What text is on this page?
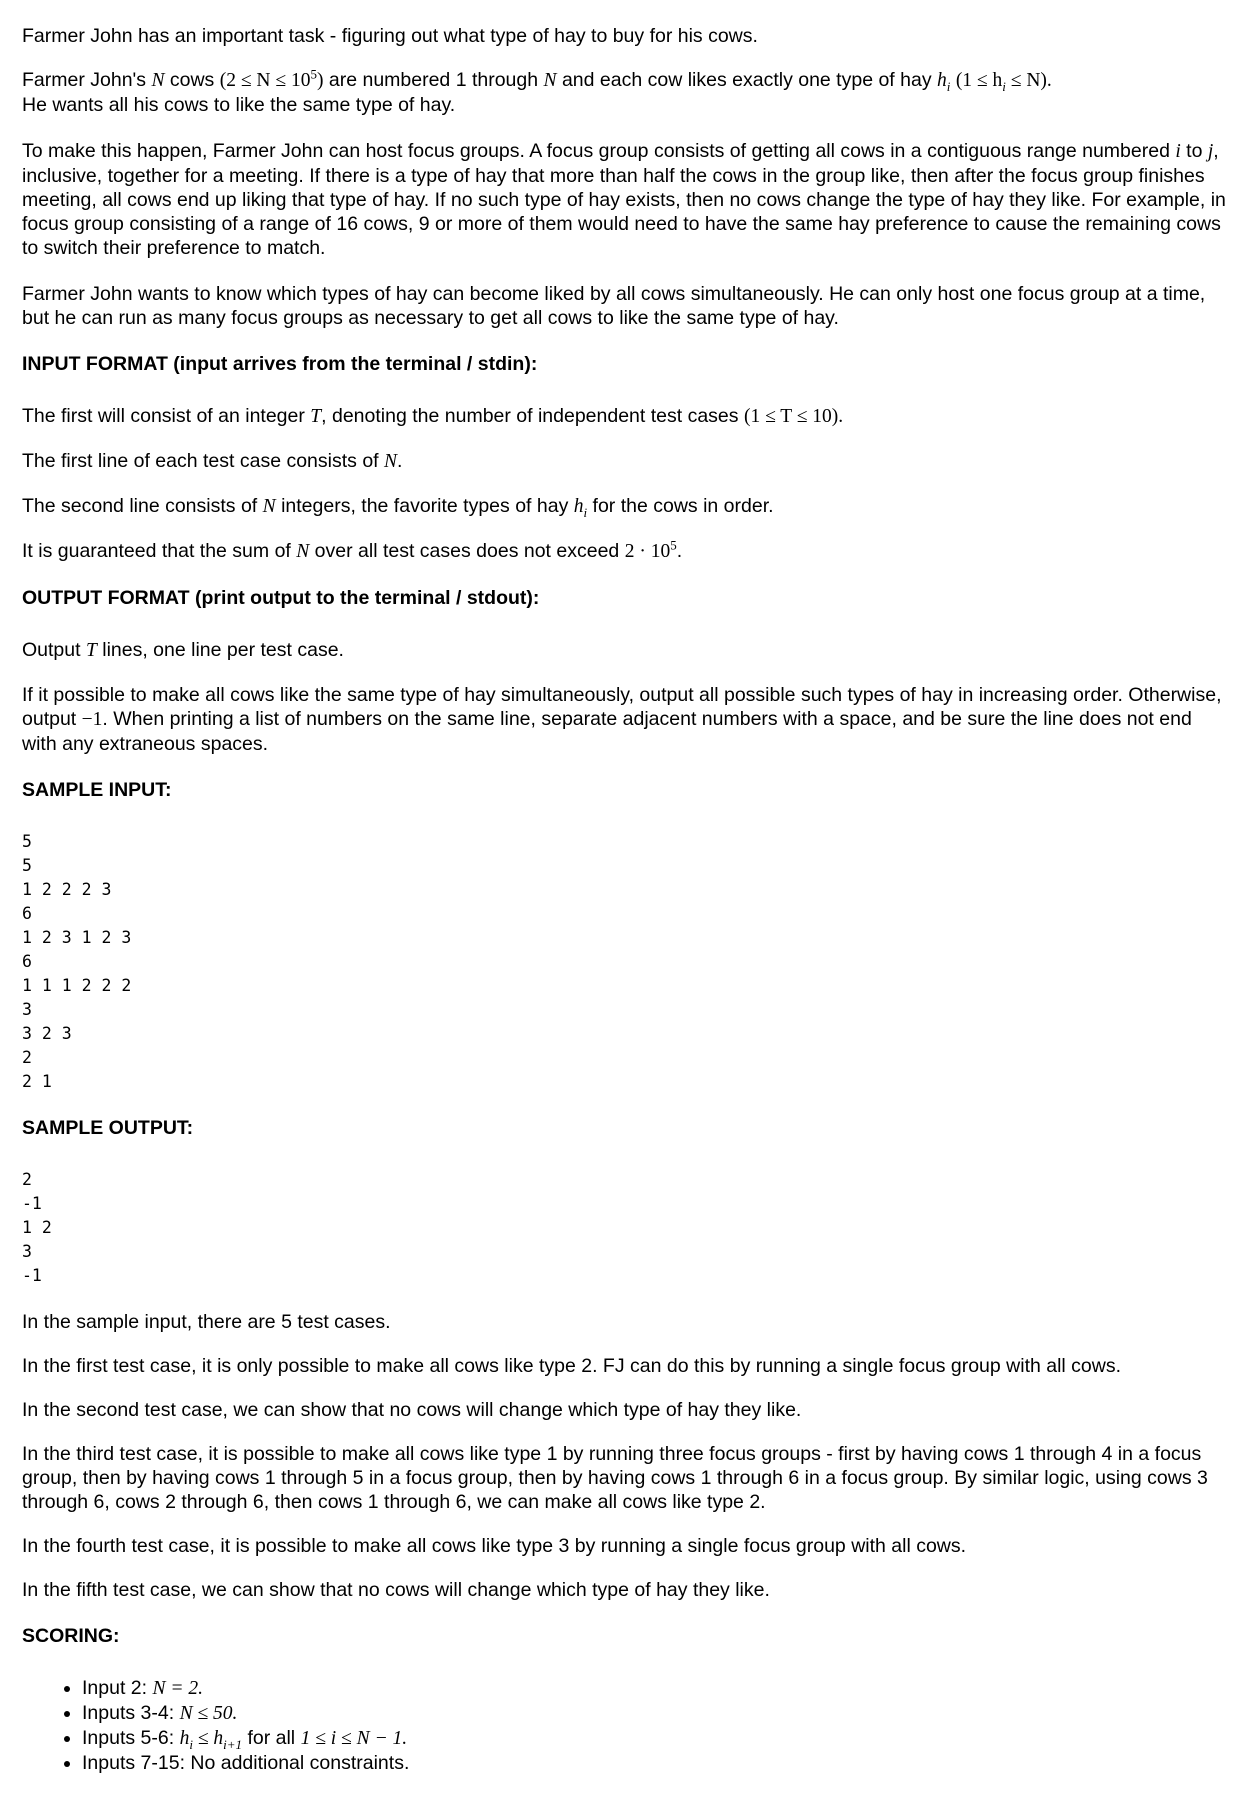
Farmer John has an important task - figuring out what type of hay to buy for his cows.

Farmer John's N cows $(2 \le N \le 10^5)$ are numbered 1 through N and each cow likes exactly one type of hay $h_i$ $(1 \le h_i \le N)$.
He wants all his cows to like the same type of hay.

To make this happen, Farmer John can host focus groups. A focus group consists of getting all cows in a contiguous range numbered i to j, inclusive, together for a meeting. If there is a type of hay that more than half the cows in the group like, then after the focus group finishes meeting, all cows end up liking that type of hay. If no such type of hay exists, then no cows change the type of hay they like. For example, in focus group consisting of a range of 16 cows, 9 or more of them would need to have the same hay preference to cause the remaining cows to switch their preference to match.

Farmer John wants to know which types of hay can become liked by all cows simultaneously. He can only host one focus group at a time, but he can run as many focus groups as necessary to get all cows to like the same type of hay.

INPUT FORMAT (input arrives from the terminal / stdin):

The first will consist of an integer T, denoting the number of independent test cases (1 ≤ T ≤ 10).

The first line of each test case consists of N.

The second line consists of N integers, the favorite types of hay $h_i$ for the cows in order.

It is guaranteed that the sum of N over all test cases does not exceed $2 \cdot 10^5$.

OUTPUT FORMAT (print output to the terminal / stdout):

Output T lines, one line per test case.

If it possible to make all cows like the same type of hay simultaneously, output all possible such types of hay in increasing order. Otherwise, output −1. When printing a list of numbers on the same line, separate adjacent numbers with a space, and be sure the line does not end with any extraneous spaces.

SAMPLE INPUT:
5
5
1 2 2 2 3
6
1 2 3 1 2 3
6
1 1 1 2 2 2
3
3 2 3
2
2 1
SAMPLE OUTPUT:
2
-1
1 2
3
-1

In the sample input, there are 5 test cases.

In the first test case, it is only possible to make all cows like type 2. FJ can do this by running a single focus group with all cows.

In the second test case, we can show that no cows will change which type of hay they like.

In the third test case, it is possible to make all cows like type 1 by running three focus groups - first by having cows 1 through 4 in a focus group, then by having cows 1 through 5 in a focus group, then by having cows 1 through 6 in a focus group. By similar logic, using cows 3 through 6, cows 2 through 6, then cows 1 through 6, we can make all cows like type 2.

In the fourth test case, it is possible to make all cows like type 3 by running a single focus group with all cows.

In the fifth test case, we can show that no cows will change which type of hay they like.

SCORING:
• Input 2: N = 2.
• Inputs 3-4: N ≤ 50.
• Inputs 5-6: $h_i \le h_{i+1}$ for all 1 ≤ i ≤ N − 1.
• Inputs 7-15: No additional constraints.
